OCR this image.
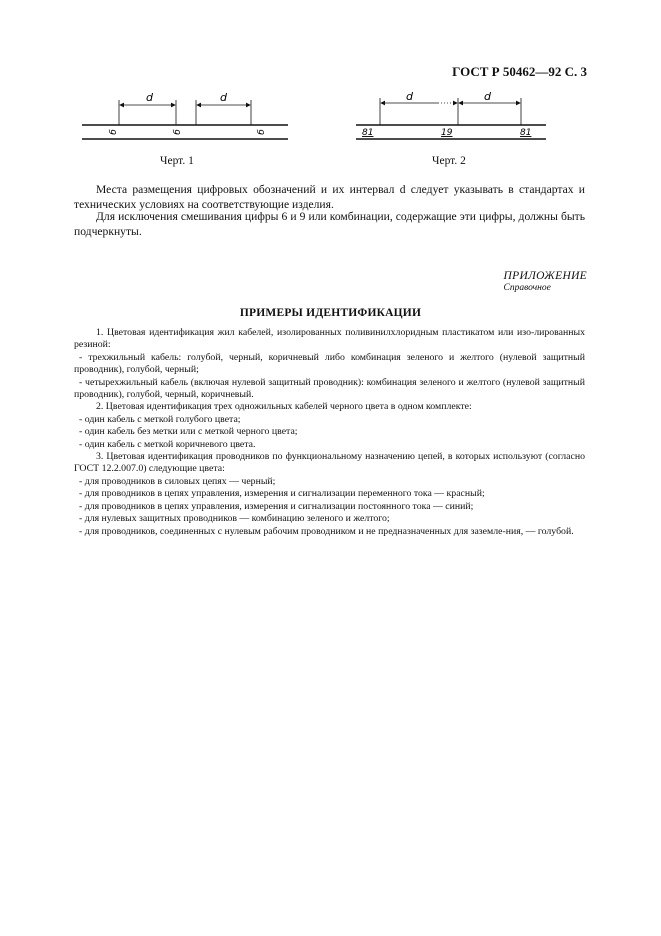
ГОСТ Р 50462—92 С. 3
d	d
б	б	б
Черт. 1
d	d
81	19	81
Черт. 2
Места размещения цифровых обозначений и их интервал d следует указывать в стандартах и технических условиях на соответствующие изделия.
Для исключения смешивания цифры 6 и 9 или комбинации, содержащие эти цифры, должны быть подчеркнуты.
ПРИЛОЖЕНИЕ
Справочное
ПРИМЕРЫ ИДЕНТИФИКАЦИИ

1. Цветовая идентификация жил кабелей, изолированных поливинилхлоридным пластикатом или изо-лированных резиной:

- трехжильный кабель: голубой, черный, коричневый либо комбинация зеленого и желтого (нулевой защитный проводник), голубой, черный;

- четырехжильный кабель (включая нулевой защитный проводник): комбинация зеленого и желтого (нулевой защитный проводник), голубой, черный, коричневый.

2. Цветовая идентификация трех одножильных кабелей черного цвета в одном комплекте:

- один кабель с меткой голубого цвета;

- один кабель без метки или с меткой черного цвета;

- один кабель с меткой коричневого цвета.

3. Цветовая идентификация проводников по функциональному назначению цепей, в которых используют (согласно ГОСТ 12.2.007.0) следующие цвета:

- для проводников в силовых цепях — черный;

- для проводников в цепях управления, измерения и сигнализации переменного тока — красный;

- для проводников в цепях управления, измерения и сигнализации постоянного тока — синий;

- для нулевых защитных проводников — комбинацию зеленого и желтого;

- для проводников, соединенных с нулевым рабочим проводником и не предназначенных для заземле-ния, — голубой.
